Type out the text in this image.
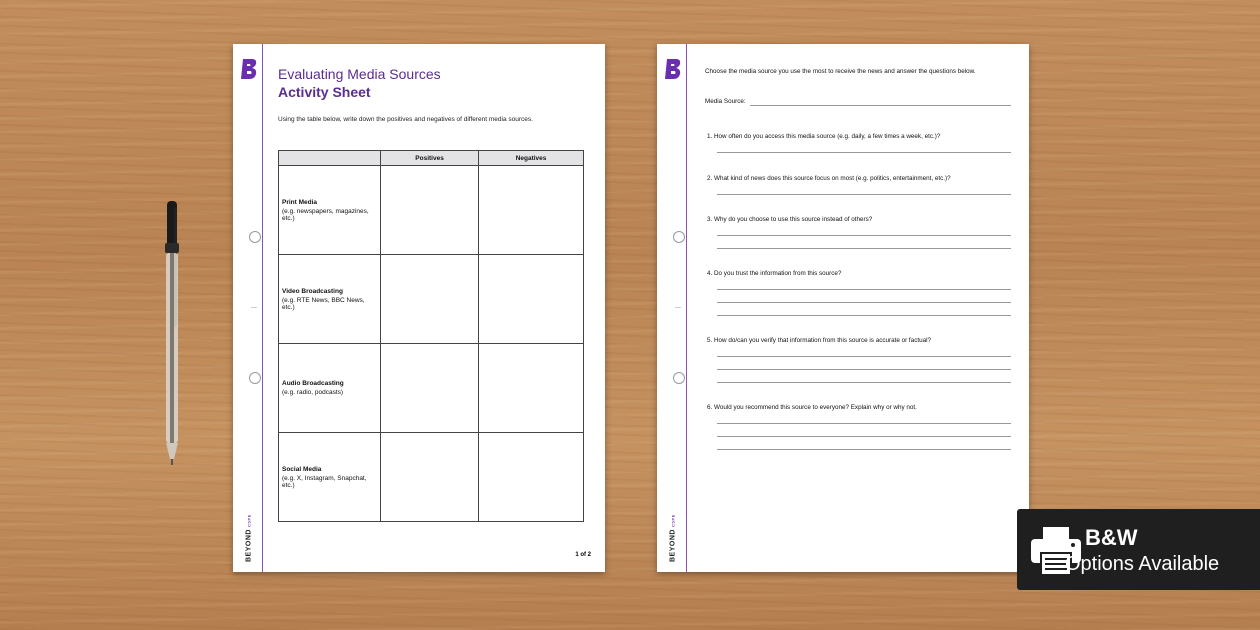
BEYOND
CSPE
Evaluating Media Sources
Activity Sheet
Using the table below, write down the positives and negatives of different media sources.
	Positives	Negatives

Print Media
(e.g. newspapers, magazines, etc.)		

Video Broadcasting
(e.g. RTE News, BBC News, etc.)		

Audio Broadcasting
(e.g. radio, podcasts)		

Social Media
(e.g. X, Instagram, Snapchat, etc.)		
1 of 2	BEYOND
CSPE
Choose the media source you use the most to receive the news and answer the questions below.
Media Source:
1. How often do you access this media source (e.g. daily, a few times a week, etc.)?
2. What kind of news does this source focus on most (e.g. politics, entertainment, etc.)?
3. Why do you choose to use this source instead of others?
4. Do you trust the information from this source?
5. How do/can you verify that information from this source is accurate or factual?
6. Would you recommend this source to everyone? Explain why or why not.
B&W
Options Available
